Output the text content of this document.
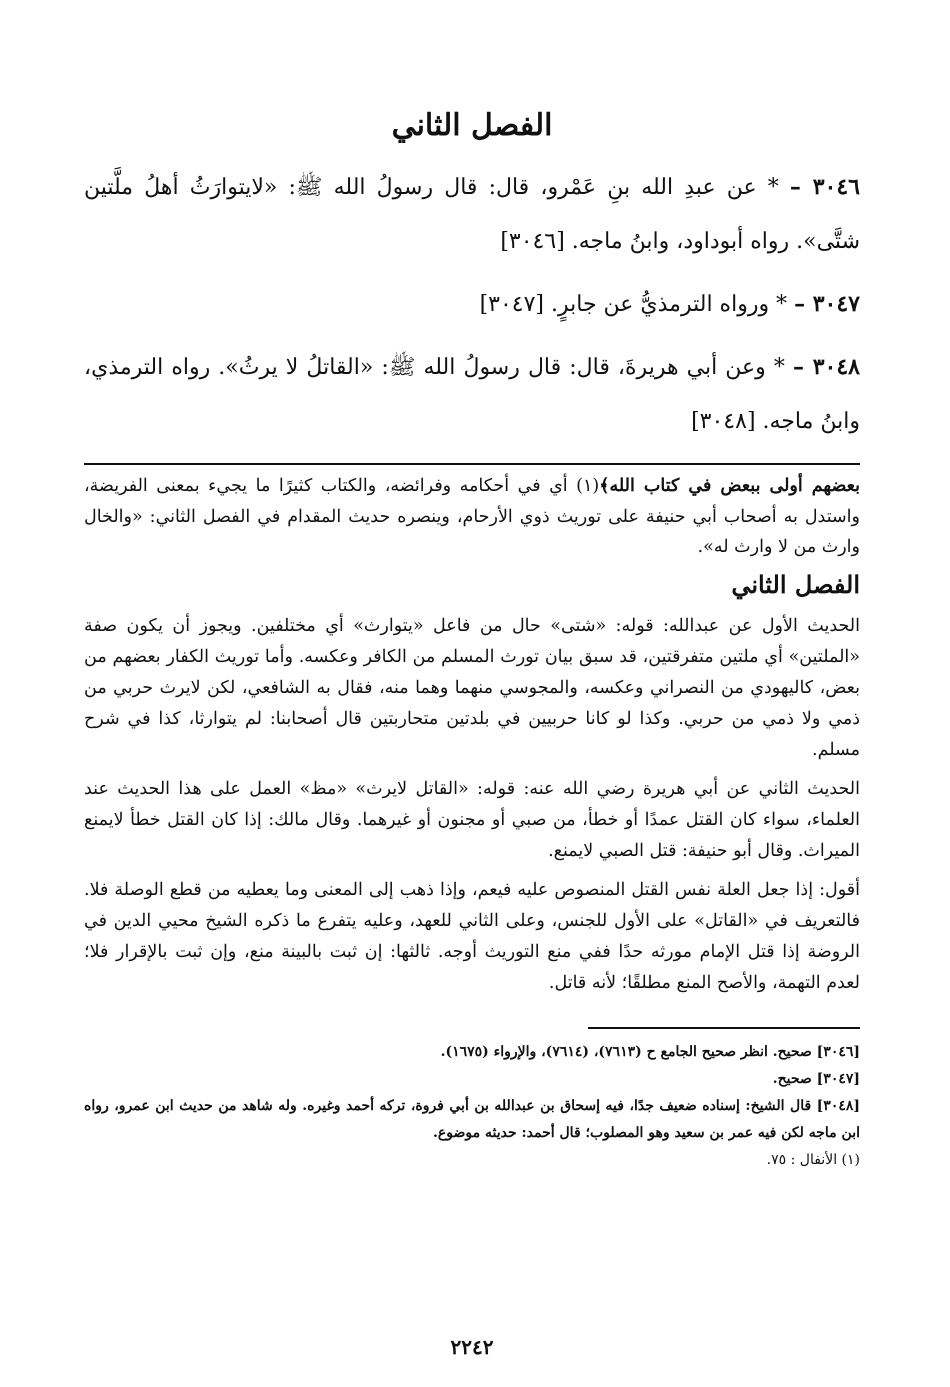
الفصل الثاني

٣٠٤٦ – * عن عبدِ الله بنِ عَمْرو، قال: قال رسولُ الله ﷺ: «لايتوارَثُ أهلُ ملَّتين شتَّى». رواه أبوداود، وابنُ ماجه. [٣٠٤٦]

٣٠٤٧ – * ورواه الترمذيُّ عن جابرٍ. [٣٠٤٧]

٣٠٤٨ – * وعن أبي هريرةَ، قال: قال رسولُ الله ﷺ: «القاتلُ لا يرثُ». رواه الترمذي، وابنُ ماجه. [٣٠٤٨]

بعضهم أولى ببعض في كتاب الله﴾(١) أي في أحكامه وفرائضه، والكتاب كثيرًا ما يجيء بمعنى الفريضة، واستدل به أصحاب أبي حنيفة على توريث ذوي الأرحام، وينصره حديث المقدام في الفصل الثاني: «والخال وارث من لا وارث له».

الفصل الثاني

الحديث الأول عن عبدالله: قوله: «شتى» حال من فاعل «يتوارث» أي مختلفين. ويجوز أن يكون صفة «الملتين» أي ملتين متفرقتين، قد سبق بيان تورث المسلم من الكافر وعكسه. وأما توريث الكفار بعضهم من بعض، كاليهودي من النصراني وعكسه، والمجوسي منهما وهما منه، فقال به الشافعي، لكن لايرث حربي من ذمي ولا ذمي من حربي. وكذا لو كانا حربيين في بلدتين متحاربتين قال أصحابنا: لم يتوارثا، كذا في شرح مسلم.

الحديث الثاني عن أبي هريرة رضي الله عنه: قوله: «القاتل لايرث» «مظ» العمل على هذا الحديث عند العلماء، سواء كان القتل عمدًا أو خطأ، من صبي أو مجنون أو غيرهما. وقال مالك: إذا كان القتل خطأ لايمنع الميراث. وقال أبو حنيفة: قتل الصبي لايمنع.

أقول: إذا جعل العلة نفس القتل المنصوص عليه فيعم، وإذا ذهب إلى المعنى وما يعطيه من قطع الوصلة فلا. فالتعريف في «القاتل» على الأول للجنس، وعلى الثاني للعهد، وعليه يتفرع ما ذكره الشيخ محيي الدين في الروضة إذا قتل الإمام مورثه حدًا ففي منع التوريث أوجه. ثالثها: إن ثبت بالبينة منع، وإن ثبت بالإقرار فلا؛ لعدم التهمة، والأصح المنع مطلقًا؛ لأنه قاتل.

[٣٠٤٦] صحيح. انظر صحيح الجامع ح (٧٦١٣)، (٧٦١٤)، والإرواء (١٦٧٥).

[٣٠٤٧] صحيح.

[٣٠٤٨] قال الشيخ: إسناده ضعيف جدًا، فيه إسحاق بن عبدالله بن أبي فروة، تركه أحمد وغيره. وله شاهد من حديث ابن عمرو، رواه ابن ماجه لكن فيه عمر بن سعيد وهو المصلوب؛ قال أحمد: حديثه موضوع.

(١) الأنفال : ٧٥.

٢٢٤٢
